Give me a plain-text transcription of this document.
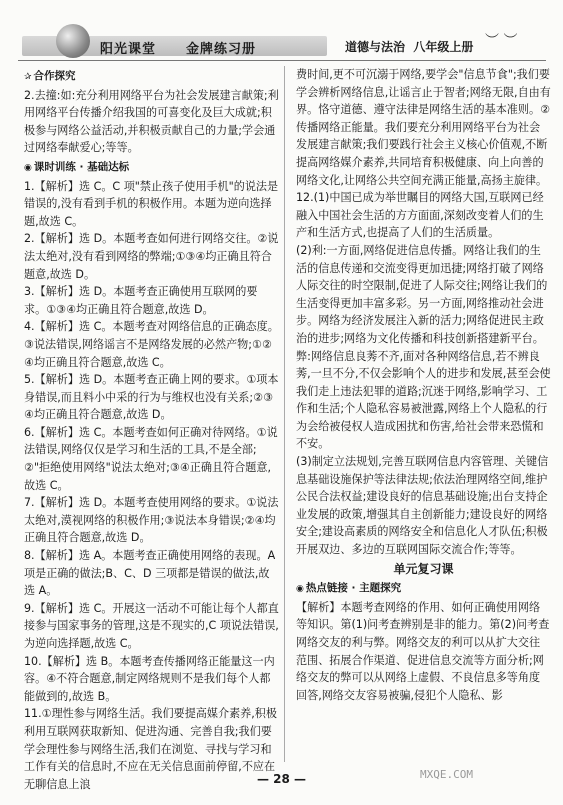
阳光课堂 金牌练习册	道德与法治 八年级上册 ︶ ︶

✰ 合作探究

2.去撞:如:充分利用网络平台为社会发展建言献策;利用网络平台传播介绍我国的可喜变化及巨大成就;积极参与网络公益活动,并积极贡献自己的力量;学会通过网络奉献爱心;等等。

◉ 课时训练 · 基础达标

1.【解析】选 C。C 项"禁止孩子使用手机"的说法是错误的,没有看到手机的积极作用。本题为逆向选择题,故选 C。

2.【解析】选 D。本题考查如何进行网络交往。②说法太绝对,没有看到网络的弊端;①③④均正确且符合题意,故选 D。

3.【解析】选 D。本题考查正确使用互联网的要求。①③④均正确且符合题意,故选 D。

4.【解析】选 C。本题考查对网络信息的正确态度。③说法错误,网络谣言不是网络发展的必然产物;①②④均正确且符合题意,故选 C。

5.【解析】选 D。本题考查正确上网的要求。①项本身错误,而且料小中采的行为与维权也没有关系;②③④均正确且符合题意,故选 D。

6.【解析】选 C。本题考查如何正确对待网络。①说法错误,网络仅仅是学习和生活的工具,不是全部;②"拒绝使用网络"说法太绝对;③④正确且符合题意,故选 C。

7.【解析】选 D。本题考查使用网络的要求。①说法太绝对,漠视网络的积极作用;③说法本身错误;②④均正确且符合题意,故选 D。

8.【解析】选 A。本题考查正确使用网络的表现。A 项是正确的做法;B、C、D 三项都是错误的做法,故选 A。

9.【解析】选 C。开展这一活动不可能让每个人都直接参与国家事务的管理,这是不现实的,C 项说法错误,为逆向选择题,故选 C。

10.【解析】选 B。本题考查传播网络正能量这一内容。④不符合题意,制定网络规则不是我们每个人都能做到的,故选 B。

11.①理性参与网络生活。我们要提高媒介素养,积极利用互联网获取新知、促进沟通、完善自我;我们要学会理性参与网络生活,我们在浏览、寻找与学习和工作有关的信息时,不应在无关信息面前停留,不应在无聊信息上浪

费时间,更不可沉溺于网络,要学会"信息节食";我们要学会辨析网络信息,让谣言止于智者;网络无限,自由有界。恪守道德、遵守法律是网络生活的基本准则。②传播网络正能量。我们要充分利用网络平台为社会发展建言献策;我们要践行社会主义核心价值观,不断提高网络媒介素养,共同培育积极健康、向上向善的网络文化,让网络公共空间充满正能量,高扬主旋律。

12.(1)中国已成为举世瞩目的网络大国,互联网已经融入中国社会生活的方方面面,深刻改变着人们的生产和生活方式,也提高了人们的生活质量。

(2)利:一方面,网络促进信息传播。网络让我们的生活的信息传递和交流变得更加迅捷;网络打破了网络人际交往的时空限制,促进了人际交往;网络让我们的生活变得更加丰富多彩。另一方面,网络推动社会进步。网络为经济发展注入新的活力;网络促进民主政治的进步;网络为文化传播和科技创新搭建新平台。弊:网络信息良莠不齐,面对各种网络信息,若不辨良莠,一旦不分,不仅会影响个人的进步和发展,甚至会使我们走上违法犯罪的道路;沉迷于网络,影响学习、工作和生活;个人隐私容易被泄露,网络上个人隐私的行为会给被侵权人造成困扰和伤害,给社会带来恐慌和不安。

(3)制定立法规划,完善互联网信息内容管理、关键信息基础设施保护等法律法规;依法治理网络空间,维护公民合法权益;建设良好的信息基础设施;出台支持企业发展的政策,增强其自主创新能力;建设良好的网络安全;建设高素质的网络安全和信息化人才队伍;积极开展双边、多边的互联网国际交流合作;等等。

单元复习课

◉ 热点链接 · 主题探究

【解析】本题考查网络的作用、如何正确使用网络等知识。第(1)问考查辨别是非的能力。第(2)问考查网络交友的利与弊。网络交友的利可以从扩大交往范围、拓展合作渠道、促进信息交流等方面分析;网络交友的弊可以从网络上虚假、不良信息多等角度回答,网络交友容易被骗,侵犯个人隐私、影

— 28 —	MXQE.COM
